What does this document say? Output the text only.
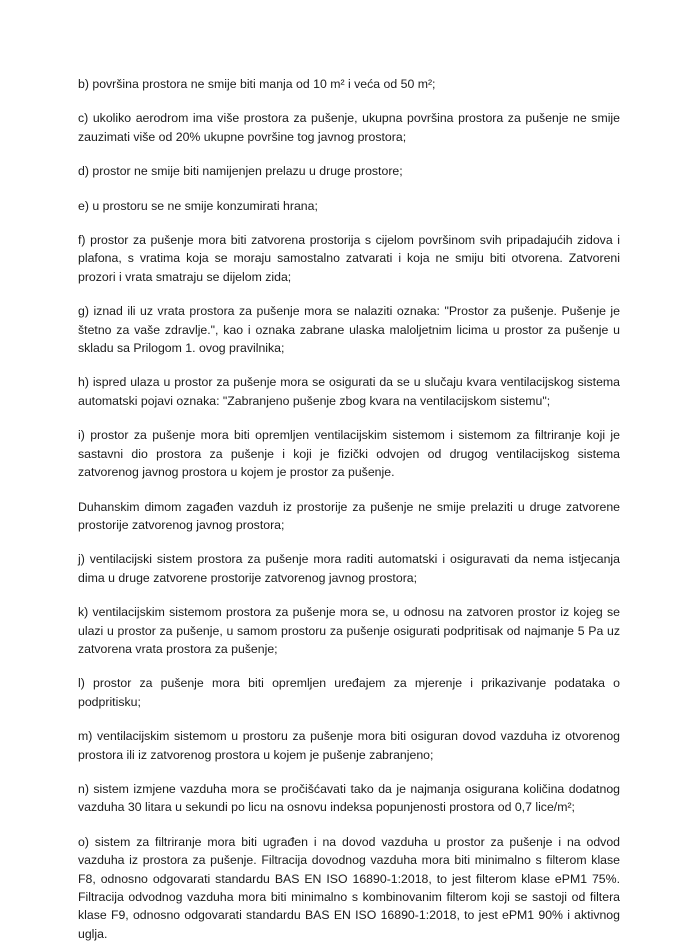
b) površina prostora ne smije biti manja od 10 m² i veća od 50 m²;

c) ukoliko aerodrom ima više prostora za pušenje, ukupna površina prostora za pušenje ne smije zauzimati više od 20% ukupne površine tog javnog prostora;

d) prostor ne smije biti namijenjen prelazu u druge prostore;

e) u prostoru se ne smije konzumirati hrana;

f) prostor za pušenje mora biti zatvorena prostorija s cijelom površinom svih pripadajućih zidova i plafona, s vratima koja se moraju samostalno zatvarati i koja ne smiju biti otvorena. Zatvoreni prozori i vrata smatraju se dijelom zida;

g) iznad ili uz vrata prostora za pušenje mora se nalaziti oznaka: "Prostor za pušenje. Pušenje je štetno za vaše zdravlje.", kao i oznaka zabrane ulaska maloljetnim licima u prostor za pušenje u skladu sa Prilogom 1. ovog pravilnika;

h) ispred ulaza u prostor za pušenje mora se osigurati da se u slučaju kvara ventilacijskog sistema automatski pojavi oznaka: "Zabranjeno pušenje zbog kvara na ventilacijskom sistemu";

i) prostor za pušenje mora biti opremljen ventilacijskim sistemom i sistemom za filtriranje koji je sastavni dio prostora za pušenje i koji je fizički odvojen od drugog ventilacijskog sistema zatvorenog javnog prostora u kojem je prostor za pušenje.

Duhanskim dimom zagađen vazduh iz prostorije za pušenje ne smije prelaziti u druge zatvorene prostorije zatvorenog javnog prostora;

j) ventilacijski sistem prostora za pušenje mora raditi automatski i osiguravati da nema istjecanja dima u druge zatvorene prostorije zatvorenog javnog prostora;

k) ventilacijskim sistemom prostora za pušenje mora se, u odnosu na zatvoren prostor iz kojeg se ulazi u prostor za pušenje, u samom prostoru za pušenje osigurati podpritisak od najmanje 5 Pa uz zatvorena vrata prostora za pušenje;

l) prostor za pušenje mora biti opremljen uređajem za mjerenje i prikazivanje podataka o podpritisku;

m) ventilacijskim sistemom u prostoru za pušenje mora biti osiguran dovod vazduha iz otvorenog prostora ili iz zatvorenog prostora u kojem je pušenje zabranjeno;

n) sistem izmjene vazduha mora se pročišćavati tako da je najmanja osigurana količina dodatnog vazduha 30 litara u sekundi po licu na osnovu indeksa popunjenosti prostora od 0,7 lice/m²;

o) sistem za filtriranje mora biti ugrađen i na dovod vazduha u prostor za pušenje i na odvod vazduha iz prostora za pušenje. Filtracija dovodnog vazduha mora biti minimalno s filterom klase F8, odnosno odgovarati standardu BAS EN ISO 16890-1:2018, to jest filterom klase ePM1 75%. Filtracija odvodnog vazduha mora biti minimalno s kombinovanim filterom koji se sastoji od filtera klase F9, odnosno odgovarati standardu BAS EN ISO 16890-1:2018, to jest ePM1 90% i aktivnog uglja.
